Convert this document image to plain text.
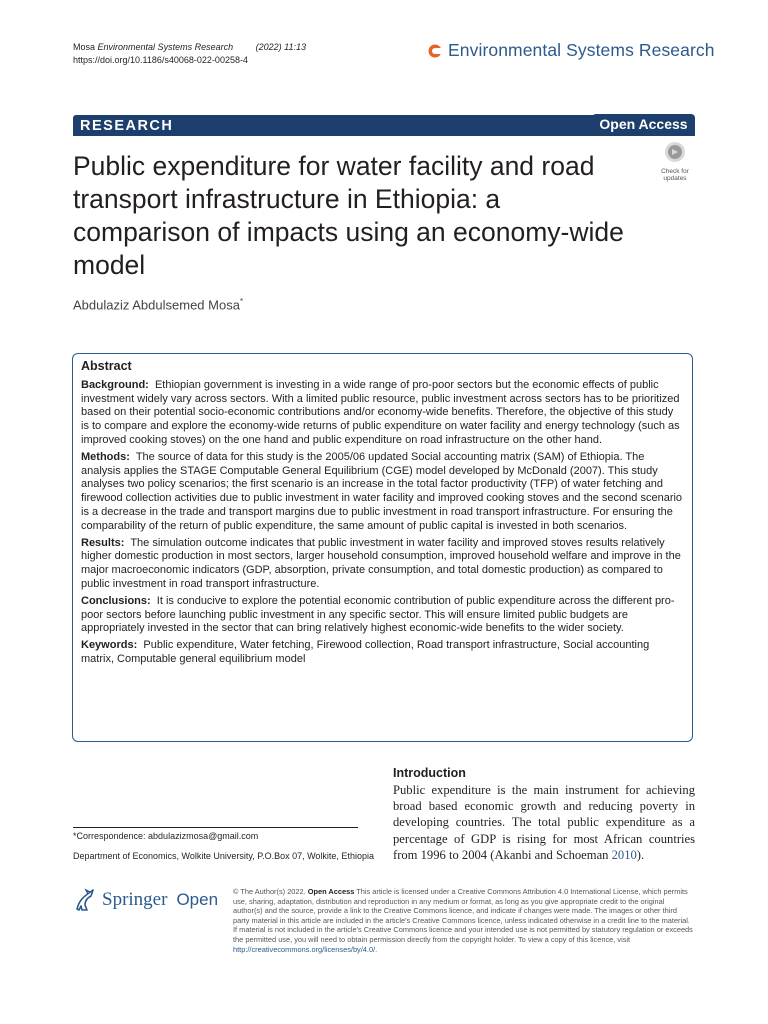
Mosa Environmental Systems Research	(2022) 11:13
https://doi.org/10.1186/s40068-022-00258-4	Environmental Systems Research
RESEARCH	Open Access
Check for
updates
Public expenditure for water facility and road transport infrastructure in Ethiopia: a comparison of impacts using an economy-wide model
Abdulaziz Abdulsemed Mosa*
Abstract

Background: Ethiopian government is investing in a wide range of pro-poor sectors but the economic effects of public investment widely vary across sectors. With a limited public resource, public investment across sectors has to be prioritized based on their potential socio-economic contributions and/or economy-wide benefits. Therefore, the objective of this study is to compare and explore the economy-wide returns of public expenditure on water facility and energy technology (such as improved cooking stoves) on the one hand and public expenditure on road infrastructure on the other hand.

Methods: The source of data for this study is the 2005/06 updated Social accounting matrix (SAM) of Ethiopia. The analysis applies the STAGE Computable General Equilibrium (CGE) model developed by McDonald (2007). This study analyses two policy scenarios; the first scenario is an increase in the total factor productivity (TFP) of water fetching and firewood collection activities due to public investment in water facility and improved cooking stoves and the second scenario is a decrease in the trade and transport margins due to public investment in road transport infrastructure. For ensuring the comparability of the return of public expenditure, the same amount of public capital is invested in both scenarios.

Results: The simulation outcome indicates that public investment in water facility and improved stoves results relatively higher domestic production in most sectors, larger household consumption, improved household welfare and improve in the major macroeconomic indicators (GDP, absorption, private consumption, and total domestic production) as compared to public investment in road transport infrastructure.

Conclusions: It is conducive to explore the potential economic contribution of public expenditure across the different pro-poor sectors before launching public investment in any specific sector. This will ensure limited public budgets are appropriately invested in the sector that can bring relatively highest economic-wide benefits to the wider society.

Keywords: Public expenditure, Water fetching, Firewood collection, Road transport infrastructure, Social accounting matrix, Computable general equilibrium model

Introduction
Public expenditure is the main instrument for achieving broad based economic growth and reducing poverty in developing countries. The total public expenditure as a percentage of GDP is rising for most African countries from 1996 to 2004 (Akanbi and Schoeman 2010).
*Correspondence: abdulazizmosa@gmail.com
Department of Economics, Wolkite University, P.O.Box 07, Wolkite, Ethiopia
Springer Open © The Author(s) 2022. Open Access This article is licensed under a Creative Commons Attribution 4.0 International License, which permits use, sharing, adaptation, distribution and reproduction in any medium or format, as long as you give appropriate credit to the original author(s) and the source, provide a link to the Creative Commons licence, and indicate if changes were made. The images or other third party material in this article are included in the article's Creative Commons licence, unless indicated otherwise in a credit line to the material. If material is not included in the article's Creative Commons licence and your intended use is not permitted by statutory regulation or exceeds the permitted use, you will need to obtain permission directly from the copyright holder. To view a copy of this licence, visit http://creativecommons.org/licenses/by/4.0/.
